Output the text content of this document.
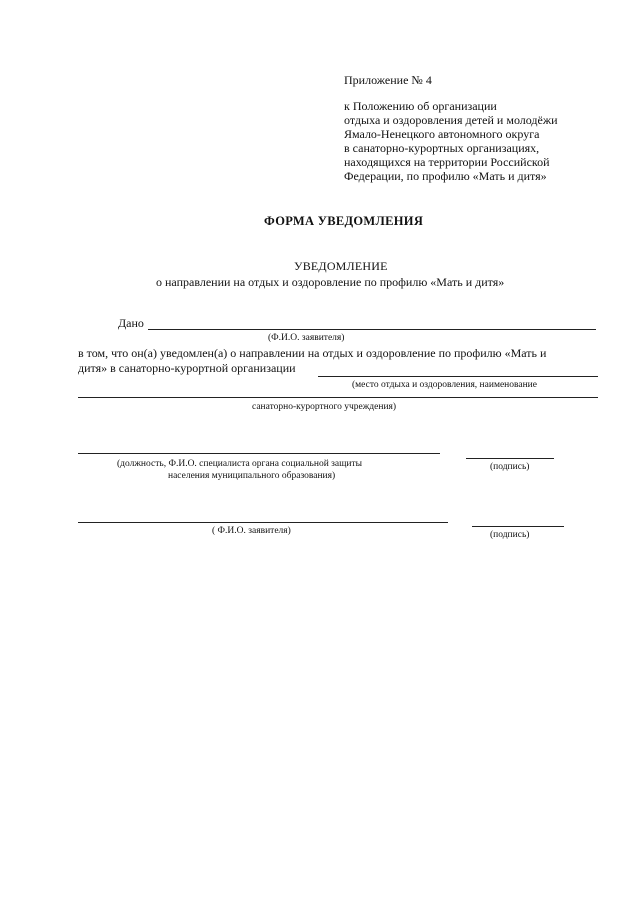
Приложение № 4
к Положению об организации
отдыха и оздоровления детей и молодёжи
Ямало-Ненецкого автономного округа
в санаторно-курортных организациях,
находящихся на территории Российской
Федерации, по профилю «Мать и дитя»
ФОРМА УВЕДОМЛЕНИЯ
УВЕДОМЛЕНИЕ
о направлении на отдых и оздоровление по профилю «Мать и дитя»
Дано
(Ф.И.О. заявителя)
в том, что он(а) уведомлен(а) о направлении на отдых и оздоровление по профилю «Мать и
дитя» в санаторно-курортной организации
(место отдыха и оздоровления, наименование
санаторно-курортного учреждения)
(должность, Ф.И.О. специалиста органа социальной защиты
населения муниципального образования)
(подпись)
( Ф.И.О. заявителя)	(подпись)
